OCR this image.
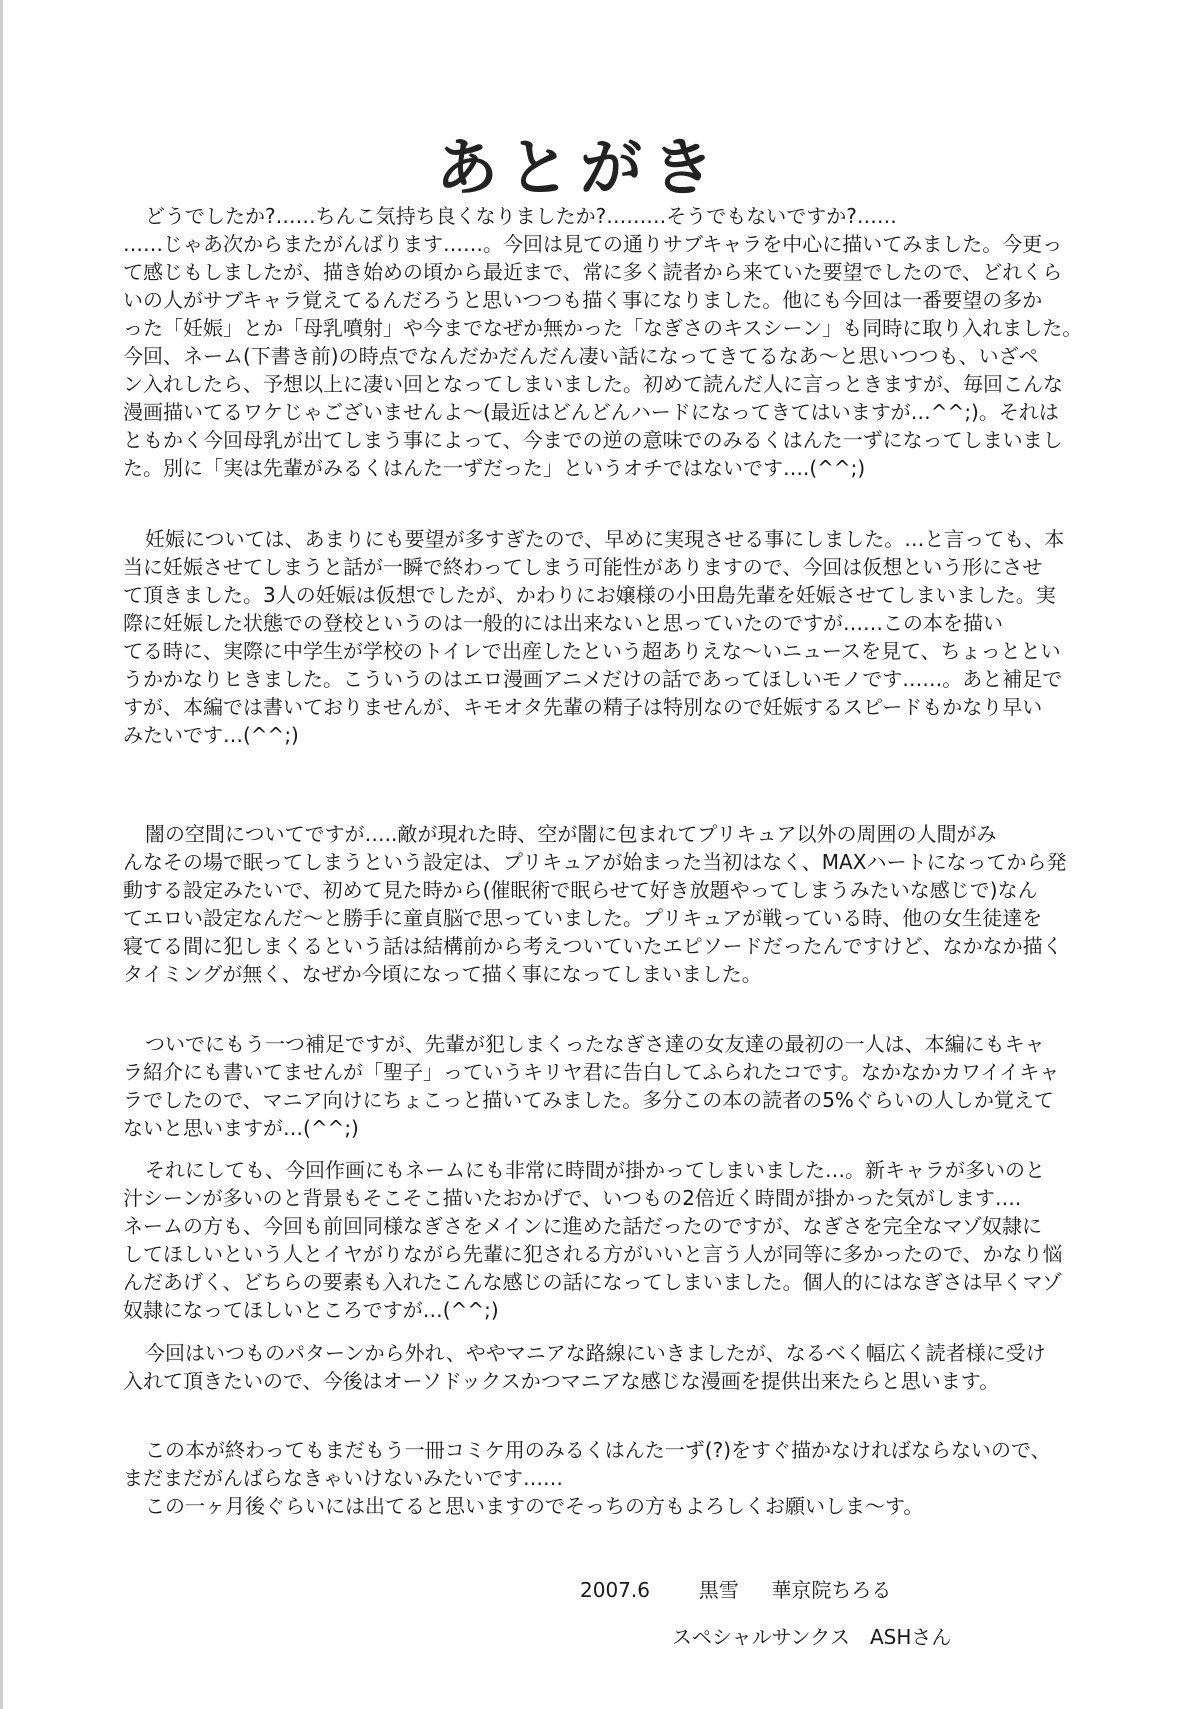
あとがき
どうでしたか?……ちんこ気持ち良くなりましたか?………そうでもないですか?……
……じゃあ次からまたがんばります……。今回は見ての通りサブキャラを中心に描いてみました。今更っ
て感じもしましたが、描き始めの頃から最近まで、常に多く読者から来ていた要望でしたので、どれくら
いの人がサブキャラ覚えてるんだろうと思いつつも描く事になりました。他にも今回は一番要望の多か
った「妊娠」とか「母乳噴射」や今までなぜか無かった「なぎさのキスシーン」も同時に取り入れました。
今回、ネーム(下書き前)の時点でなんだかだんだん凄い話になってきてるなあ～と思いつつも、いざペ
ン入れしたら、予想以上に凄い回となってしまいました。初めて読んだ人に言っときますが、毎回こんな
漫画描いてるワケじゃございませんよ～(最近はどんどんハードになってきてはいますが…^^;)。それは
ともかく今回母乳が出てしまう事によって、今までの逆の意味でのみるくはんた一ずになってしまいまし
た。別に「実は先輩がみるくはんた一ずだった」というオチではないです….(^^;)
妊娠については、あまりにも要望が多すぎたので、早めに実現させる事にしました。…と言っても、本
当に妊娠させてしまうと話が一瞬で終わってしまう可能性がありますので、今回は仮想という形にさせ
て頂きました。3人の妊娠は仮想でしたが、かわりにお嬢様の小田島先輩を妊娠させてしまいました。実
際に妊娠した状態での登校というのは一般的には出来ないと思っていたのですが……この本を描い
てる時に、実際に中学生が学校のトイレで出産したという超ありえな～いニュースを見て、ちょっととい
うかかなりヒきました。こういうのはエロ漫画アニメだけの話であってほしいモノです……。あと補足で
すが、本編では書いておりませんが、キモオタ先輩の精子は特別なので妊娠するスピードもかなり早い
みたいです…(^^;)
闇の空間についてですが…..敵が現れた時、空が闇に包まれてプリキュア以外の周囲の人間がみ
んなその場で眠ってしまうという設定は、プリキュアが始まった当初はなく、MAXハートになってから発
動する設定みたいで、初めて見た時から(催眠術で眠らせて好き放題やってしまうみたいな感じで)なん
てエロい設定なんだ～と勝手に童貞脳で思っていました。プリキュアが戦っている時、他の女生徒達を
寝てる間に犯しまくるという話は結構前から考えついていたエピソードだったんですけど、なかなか描く
タイミングが無く、なぜか今頃になって描く事になってしまいました。
ついでにもう一つ補足ですが、先輩が犯しまくったなぎさ達の女友達の最初の一人は、本編にもキャ
ラ紹介にも書いてませんが「聖子」っていうキリヤ君に告白してふられたコです。なかなかカワイイキャ
ラでしたので、マニア向けにちょこっと描いてみました。多分この本の読者の5%ぐらいの人しか覚えて
ないと思いますが…(^^;)
それにしても、今回作画にもネームにも非常に時間が掛かってしまいました…。新キャラが多いのと
汁シーンが多いのと背景もそこそこ描いたおかげで、いつもの2倍近く時間が掛かった気がします….
ネームの方も、今回も前回同様なぎさをメインに進めた話だったのですが、なぎさを完全なマゾ奴隷に
してほしいという人とイヤがりながら先輩に犯される方がいいと言う人が同等に多かったので、かなり悩
んだあげく、どちらの要素も入れたこんな感じの話になってしまいました。個人的にはなぎさは早くマゾ
奴隷になってほしいところですが…(^^;)
今回はいつものパターンから外れ、ややマニアな路線にいきましたが、なるべく幅広く読者様に受け
入れて頂きたいので、今後はオーソドックスかつマニアな感じな漫画を提供出来たらと思います。
この本が終わってもまだもう一冊コミケ用のみるくはんた一ず(?)をすぐ描かなければならないので、
まだまだがんばらなきゃいけないみたいです……
この一ヶ月後ぐらいには出てると思いますのでそっちの方もよろしくお願いしま～す。
2007.6 黒雪 華京院ちろる
スペシャルサンクス　ASHさん
